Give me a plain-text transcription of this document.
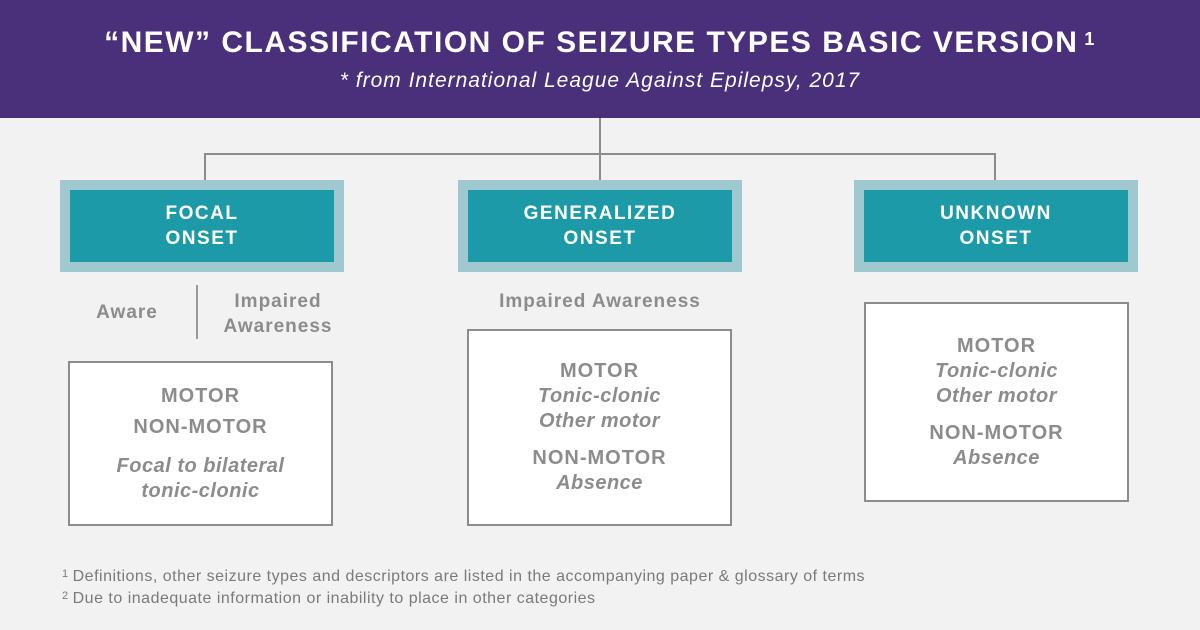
“NEW” CLASSIFICATION OF SEIZURE TYPES BASIC VERSION $^1$
* from International League Against Epilepsy, 2017
FOCAL
ONSET
Aware
Impaired
Awareness
MOTOR
NON-MOTOR
Focal to bilateral
tonic-clonic
GENERALIZED
ONSET
Impaired Awareness
MOTOR
Tonic-clonic
Other motor
NON-MOTOR
Absence
UNKNOWN
ONSET
MOTOR
Tonic-clonic
Other motor
NON-MOTOR
Absence
$^1$ Definitions, other seizure types and descriptors are listed in the accompanying paper & glossary of terms
$^2$ Due to inadequate information or inability to place in other categories
